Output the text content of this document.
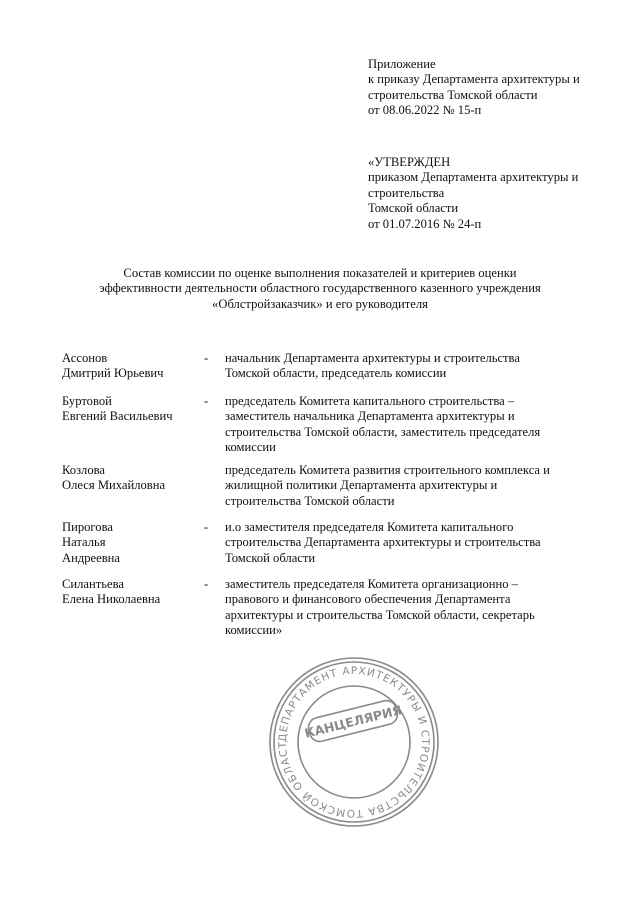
Приложение
к приказу Департамента архитектуры и
строительства Томской области
от 08.06.2022 № 15-п
«УТВЕРЖДЕН
приказом Департамента архитектуры и
строительства
Томской области
от 01.07.2016 № 24-п
Состав комиссии по оценке выполнения показателей и критериев оценки
эффективности деятельности областного государственного казенного учреждения
«Облстройзаказчик» и его руководителя
Ассонов
Дмитрий Юрьевич
- начальник Департамента архитектуры и строительства
Томской области, председатель комиссии
Буртовой
Евгений Васильевич
- председатель Комитета капитального строительства –
заместитель начальника Департамента архитектуры и
строительства Томской области, заместитель председателя
комиссии
Козлова
Олеся Михайловна
председатель Комитета развития строительного комплекса и
жилищной политики Департамента архитектуры и
строительства Томской области
Пирогова
Наталья
Андреевна
- и.о заместителя председателя Комитета капитального
строительства Департамента архитектуры и строительства
Томской области
Силантьева
Елена Николаевна
- заместитель председателя Комитета организационно –
правового и финансового обеспечения Департамента
архитектуры и строительства Томской области, секретарь
комиссии»
ДЕПАРТАМЕНТ АРХИТЕКТУРЫ И СТРОИТЕЛЬСТВА ТОМСКОЙ ОБЛАСТ
КАНЦЕЛЯРИЯ
